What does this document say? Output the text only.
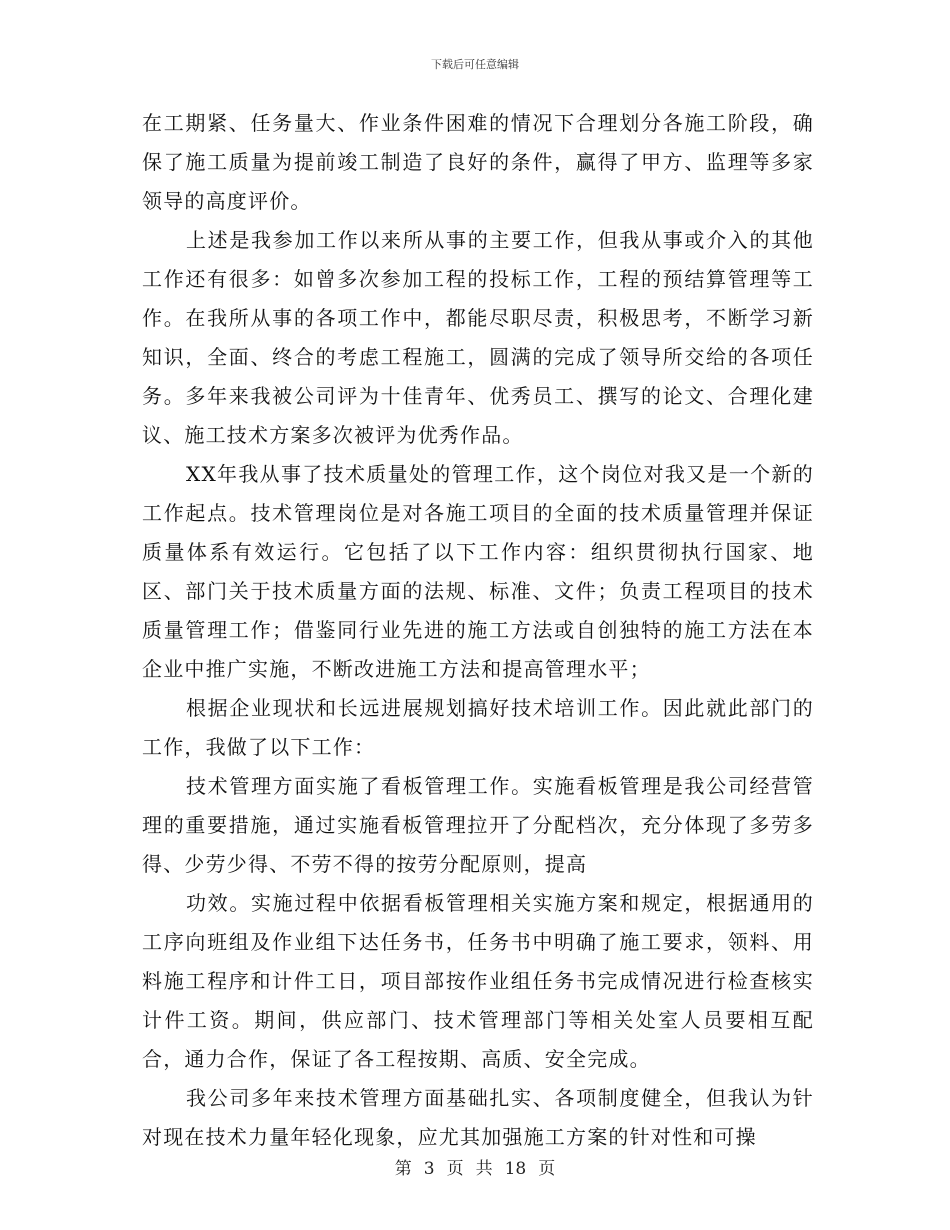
下载后可任意编辑

在工期紧、任务量大、作业条件困难的情况下合理划分各施工阶段，确保了施工质量为提前竣工制造了良好的条件，赢得了甲方、监理等多家领导的高度评价。

上述是我参加工作以来所从事的主要工作，但我从事或介入的其他工作还有很多：如曾多次参加工程的投标工作，工程的预结算管理等工作。在我所从事的各项工作中，都能尽职尽责，积极思考，不断学习新知识，全面、终合的考虑工程施工，圆满的完成了领导所交给的各项任务。多年来我被公司评为十佳青年、优秀员工、撰写的论文、合理化建议、施工技术方案多次被评为优秀作品。

XX年我从事了技术质量处的管理工作，这个岗位对我又是一个新的工作起点。技术管理岗位是对各施工项目的全面的技术质量管理并保证质量体系有效运行。它包括了以下工作内容：组织贯彻执行国家、地区、部门关于技术质量方面的法规、标准、文件；负责工程项目的技术质量管理工作；借鉴同行业先进的施工方法或自创独特的施工方法在本企业中推广实施，不断改进施工方法和提高管理水平；

根据企业现状和长远进展规划搞好技术培训工作。因此就此部门的工作，我做了以下工作：

技术管理方面实施了看板管理工作。实施看板管理是我公司经营管理的重要措施，通过实施看板管理拉开了分配档次，充分体现了多劳多得、少劳少得、不劳不得的按劳分配原则，提高

功效。实施过程中依据看板管理相关实施方案和规定，根据通用的工序向班组及作业组下达任务书，任务书中明确了施工要求，领料、用料施工程序和计件工日，项目部按作业组任务书完成情况进行检查核实计件工资。期间，供应部门、技术管理部门等相关处室人员要相互配合，通力合作，保证了各工程按期、高质、安全完成。

我公司多年来技术管理方面基础扎实、各项制度健全，但我认为针对现在技术力量年轻化现象，应尤其加强施工方案的针对性和可操

第 3 页 共 18 页
